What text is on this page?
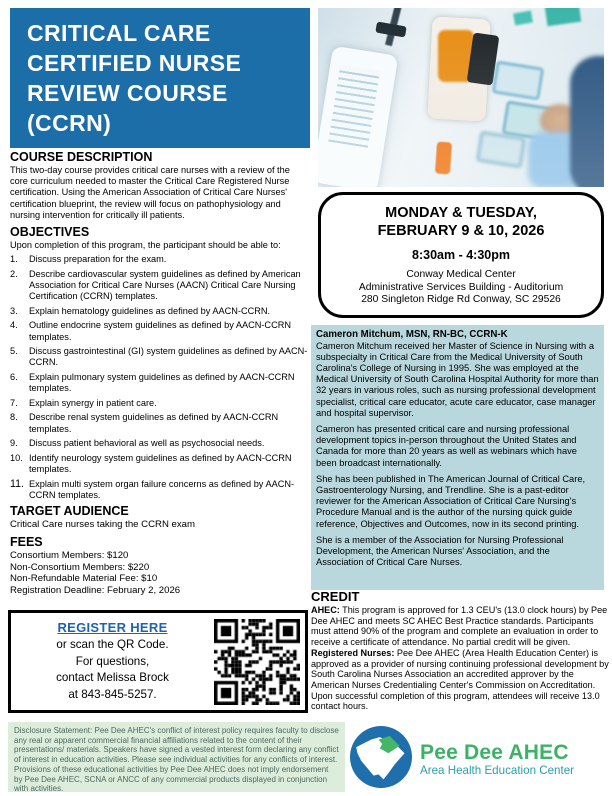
CRITICAL CARE
CERTIFIED NURSE
REVIEW COURSE
(CCRN)
COURSE DESCRIPTION
This two-day course provides critical care nurses with a review of the core curriculum needed to master the Critical Care Registered Nurse certification. Using the American Association of Critical Care Nurses' certification blueprint, the review will focus on pathophysiology and nursing intervention for critically ill patients.
OBJECTIVES
Upon completion of this program, the participant should be able to:
1.	Discuss preparation for the exam.
2.	Describe cardiovascular system guidelines as defined by American Association for Critical Care Nurses (AACN) Critical Care Nursing Certification (CCRN) templates.
3.	Explain hematology guidelines as defined by AACN-CCRN.
4.	Outline endocrine system guidelines as defined by AACN-CCRN templates.
5.	Discuss gastrointestinal (GI) system guidelines as defined by AACN-CCRN.
6.	Explain pulmonary system guidelines as defined by AACN-CCRN templates.
7.	Explain synergy in patient care.
8.	Describe renal system guidelines as defined by AACN-CCRN templates.
9.	Discuss patient behavioral as well as psychosocial needs.
10. Identify neurology system guidelines as defined by AACN-CCRN templates.
11. Explain multi system organ failure concerns as defined by AACN-CCRN templates.
TARGET AUDIENCE
Critical Care nurses taking the CCRN exam
FEES
Consortium Members: $120
Non-Consortium Members: $220
Non-Refundable Material Fee: $10
Registration Deadline: February 2, 2026
REGISTER HERE
or scan the QR Code.
For questions,
contact Melissa Brock
at 843-845-5257.
MONDAY & TUESDAY,
FEBRUARY 9 & 10, 2026
8:30am - 4:30pm
Conway Medical Center
Administrative Services Building - Auditorium
280 Singleton Ridge Rd Conway, SC 29526
Cameron Mitchum, MSN, RN-BC, CCRN-K

Cameron Mitchum received her Master of Science in Nursing with a subspecialty in Critical Care from the Medical University of South Carolina's College of Nursing in 1995. She was employed at the Medical University of South Carolina Hospital Authority for more than 32 years in various roles, such as nursing professional development specialist, critical care educator, acute care educator, case manager and hospital supervisor.

Cameron has presented critical care and nursing professional development topics in-person throughout the United States and Canada for more than 20 years as well as webinars which have been broadcast internationally.

She has been published in The American Journal of Critical Care, Gastroenterology Nursing, and Trendline. She is a past-editor reviewer for the American Association of Critical Care Nursing's Procedure Manual and is the author of the nursing quick guide reference, Objectives and Outcomes, now in its second printing.

She is a member of the Association for Nursing Professional Development, the American Nurses' Association, and the Association of Critical Care Nurses.

CREDIT

AHEC: This program is approved for 1.3 CEU's (13.0 clock hours) by Pee Dee AHEC and meets SC AHEC Best Practice standards. Participants must attend 90% of the program and complete an evaluation in order to receive a certificate of attendance. No partial credit will be given.

Registered Nurses: Pee Dee AHEC (Area Health Education Center) is approved as a provider of nursing continuing professional development by South Carolina Nurses Association an accredited approver by the American Nurses Credentialing Center's Commission on Accreditation. Upon successful completion of this program, attendees will receive 13.0 contact hours.

Disclosure Statement: Pee Dee AHEC's conflict of interest policy requires faculty to disclose any real or apparent commercial financial affiliations related to the content of their presentations/ materials. Speakers have signed a vested interest form declaring any conflict of interest in education activities. Please see individual activities for any conflicts of interest. Provisions of these educational activities by Pee Dee AHEC does not imply endorsement by Pee Dee AHEC, SCNA or ANCC of any commercial products displayed in conjunction with activities.

Pee Dee AHEC
Area Health Education Center
